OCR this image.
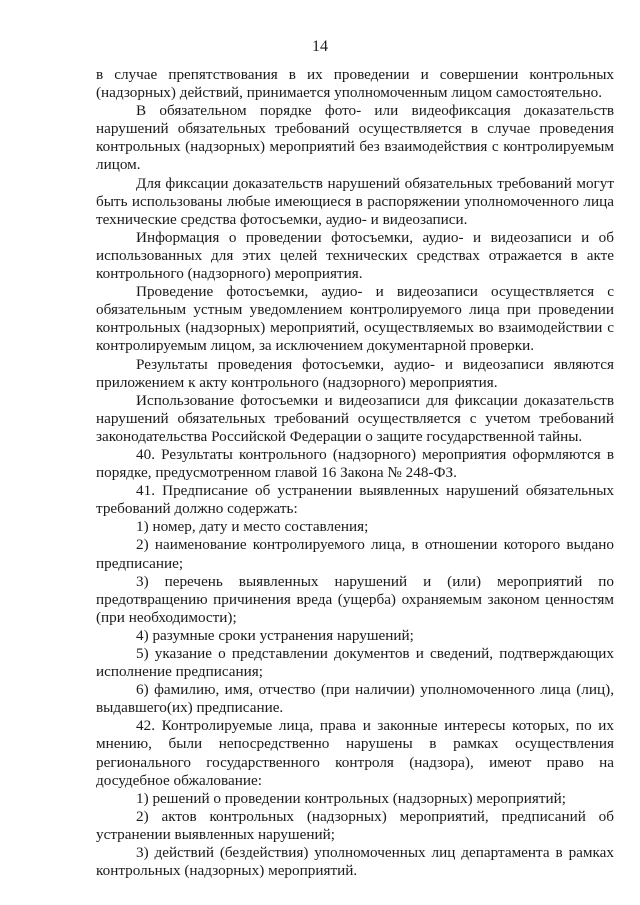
14

в случае препятствования в их проведении и совершении контрольных (надзорных) действий, принимается уполномоченным лицом самостоятельно.

В обязательном порядке фото- или видеофиксация доказательств нарушений обязательных требований осуществляется в случае проведения контрольных (надзорных) мероприятий без взаимодействия с контролируемым лицом.

Для фиксации доказательств нарушений обязательных требований могут быть использованы любые имеющиеся в распоряжении уполномоченного лица технические средства фотосъемки, аудио- и видеозаписи.

Информация о проведении фотосъемки, аудио- и видеозаписи и об использованных для этих целей технических средствах отражается в акте контрольного (надзорного) мероприятия.

Проведение фотосъемки, аудио- и видеозаписи осуществляется с обязательным устным уведомлением контролируемого лица при проведении контрольных (надзорных) мероприятий, осуществляемых во взаимодействии с контролируемым лицом, за исключением документарной проверки.

Результаты проведения фотосъемки, аудио- и видеозаписи являются приложением к акту контрольного (надзорного) мероприятия.

Использование фотосъемки и видеозаписи для фиксации доказательств нарушений обязательных требований осуществляется с учетом требований законодательства Российской Федерации о защите государственной тайны.

40. Результаты контрольного (надзорного) мероприятия оформляются в порядке, предусмотренном главой 16 Закона № 248-ФЗ.

41. Предписание об устранении выявленных нарушений обязательных требований должно содержать:

1) номер, дату и место составления;

2) наименование контролируемого лица, в отношении которого выдано предписание;

3) перечень выявленных нарушений и (или) мероприятий по предотвращению причинения вреда (ущерба) охраняемым законом ценностям (при необходимости);

4) разумные сроки устранения нарушений;

5) указание о представлении документов и сведений, подтверждающих исполнение предписания;

6) фамилию, имя, отчество (при наличии) уполномоченного лица (лиц), выдавшего(их) предписание.

42. Контролируемые лица, права и законные интересы которых, по их мнению, были непосредственно нарушены в рамках осуществления регионального государственного контроля (надзора), имеют право на досудебное обжалование:

1) решений о проведении контрольных (надзорных) мероприятий;

2) актов контрольных (надзорных) мероприятий, предписаний об устранении выявленных нарушений;

3) действий (бездействия) уполномоченных лиц департамента в рамках контрольных (надзорных) мероприятий.
